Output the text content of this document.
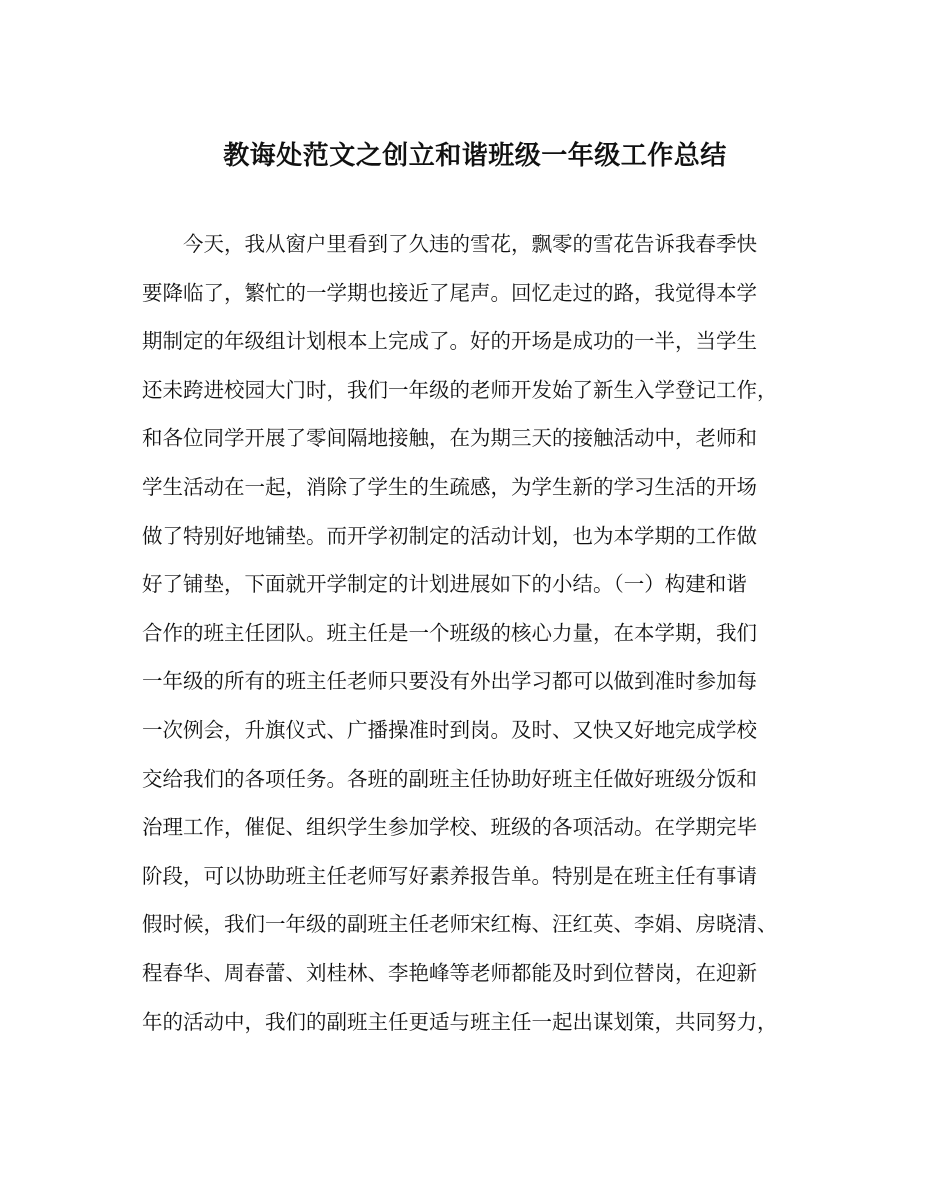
教诲处范文之创立和谐班级一年级工作总结
今天，我从窗户里看到了久违的雪花，飘零的雪花告诉我春季快
要降临了，繁忙的一学期也接近了尾声。回忆走过的路，我觉得本学
期制定的年级组计划根本上完成了。好的开场是成功的一半，当学生
还未跨进校园大门时，我们一年级的老师开发始了新生入学登记工作，
和各位同学开展了零间隔地接触，在为期三天的接触活动中，老师和
学生活动在一起，消除了学生的生疏感，为学生新的学习生活的开场
做了特别好地铺垫。而开学初制定的活动计划，也为本学期的工作做
好了铺垫，下面就开学制定的计划进展如下的小结。（一）构建和谐
合作的班主任团队。班主任是一个班级的核心力量，在本学期，我们
一年级的所有的班主任老师只要没有外出学习都可以做到准时参加每
一次例会，升旗仪式、广播操准时到岗。及时、又快又好地完成学校
交给我们的各项任务。各班的副班主任协助好班主任做好班级分饭和
治理工作，催促、组织学生参加学校、班级的各项活动。在学期完毕
阶段，可以协助班主任老师写好素养报告单。特别是在班主任有事请
假时候，我们一年级的副班主任老师宋红梅、汪红英、李娟、房晓清、
程春华、周春蕾、刘桂林、李艳峰等老师都能及时到位替岗，在迎新
年的活动中，我们的副班主任更适与班主任一起出谋划策，共同努力，
